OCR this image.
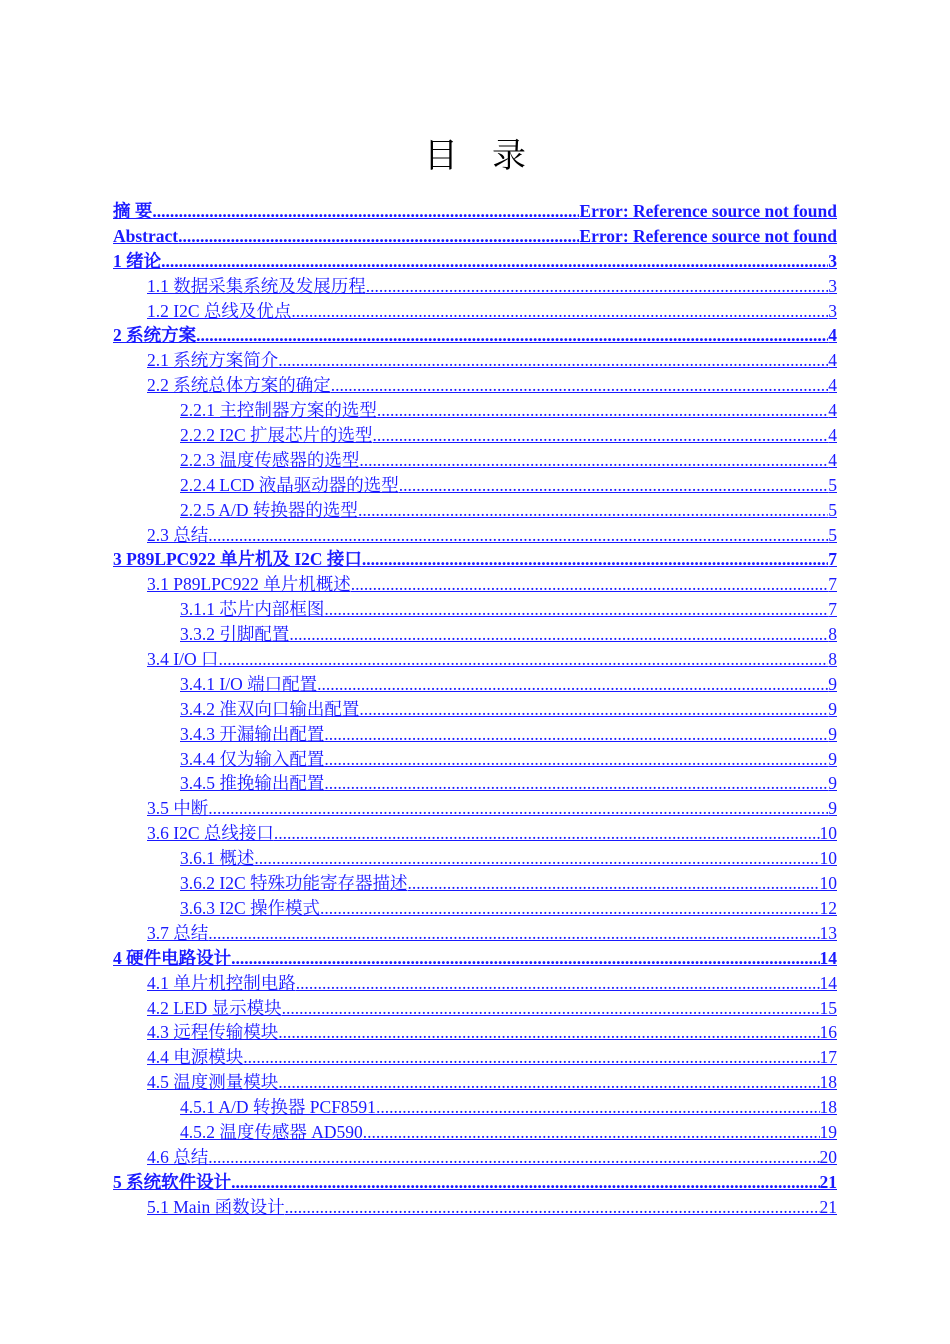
目　录
摘 要 .....	Error: Reference source not found
Abstract .....	Error: Reference source not found
1 绪论 .....	3
1.1 数据采集系统及发展历程 .....	3
1.2 I2C 总线及优点 .....	3
2 系统方案 .....	4
2.1 系统方案简介 .....	4
2.2 系统总体方案的确定 .....	4
2.2.1 主控制器方案的选型 .....	4
2.2.2 I2C 扩展芯片的选型 .....	4
2.2.3 温度传感器的选型 .....	4
2.2.4 LCD 液晶驱动器的选型 .....	5
2.2.5 A/D 转换器的选型 .....	5
2.3 总结 .....	5
3 P89LPC922 单片机及 I2C 接口 .....	7
3.1 P89LPC922 单片机概述 .....	7
3.1.1 芯片内部框图 .....	7
3.3.2 引脚配置 .....	8
3.4 I/O 口 .....	8
3.4.1 I/O 端口配置 .....	9
3.4.2 准双向口输出配置 .....	9
3.4.3 开漏输出配置 .....	9
3.4.4 仅为输入配置 .....	9
3.4.5 推挽输出配置 .....	9
3.5 中断 .....	9
3.6 I2C 总线接口 .....	10
3.6.1 概述 .....	10
3.6.2 I2C 特殊功能寄存器描述 .....	10
3.6.3 I2C 操作模式 .....	12
3.7 总结 .....	13
4 硬件电路设计 .....	14
4.1 单片机控制电路 .....	14
4.2 LED 显示模块 .....	15
4.3 远程传输模块 .....	16
4.4 电源模块 .....	17
4.5 温度测量模块 .....	18
4.5.1 A/D 转换器 PCF8591 .....	18
4.5.2 温度传感器 AD590 .....	19
4.6 总结 .....	20
5 系统软件设计 .....	21
5.1 Main 函数设计 .....	21
